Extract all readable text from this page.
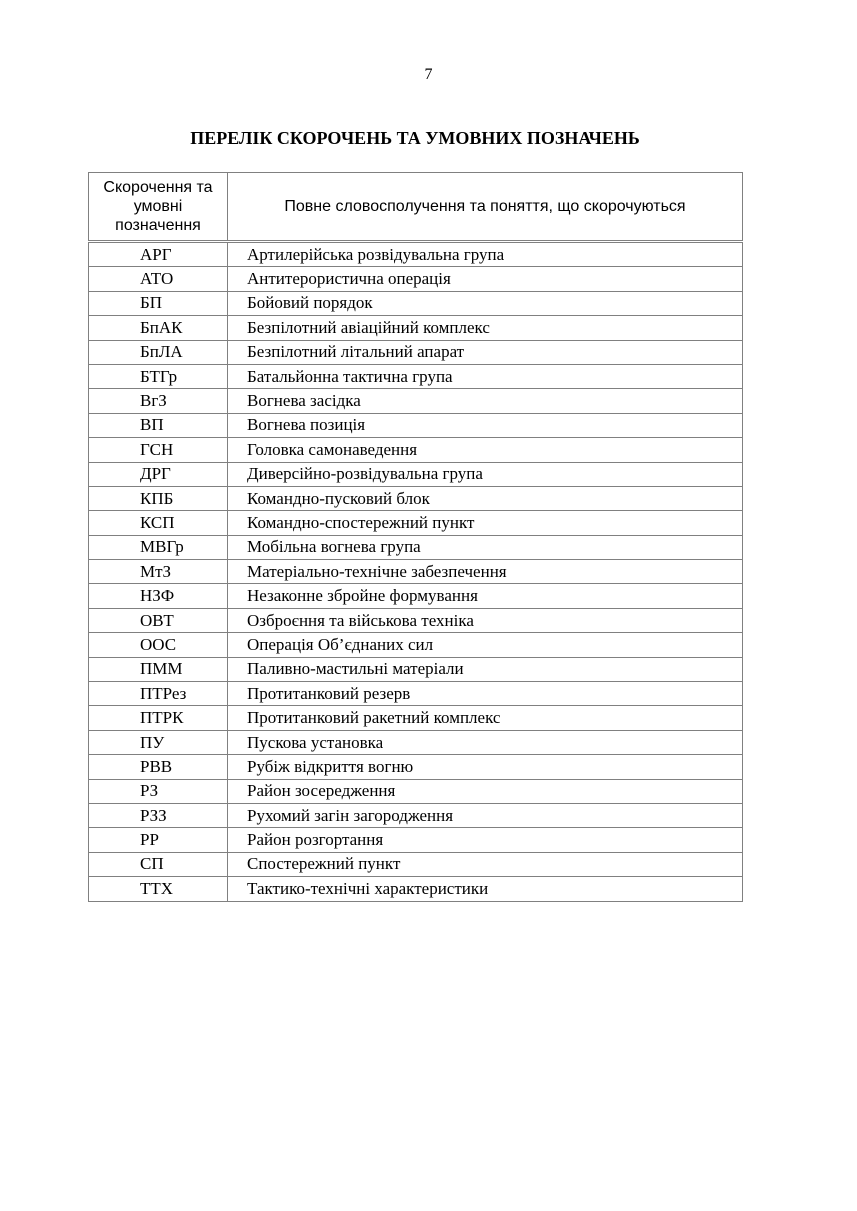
7
ПЕРЕЛІК СКОРОЧЕНЬ ТА УМОВНИХ ПОЗНАЧЕНЬ
Скорочення та умовні позначення	Повне словосполучення та поняття, що скорочуються
АРГ	Артилерійська розвідувальна група
АТО	Антитерористична операція
БП	Бойовий порядок
БпАК	Безпілотний авіаційний комплекс
БпЛА	Безпілотний літальний апарат
БТГр	Батальйонна тактична група
ВгЗ	Вогнева засідка
ВП	Вогнева позиція
ГСН	Головка самонаведення
ДРГ	Диверсійно-розвідувальна група
КПБ	Командно-пусковий блок
КСП	Командно-спостережний пункт
МВГр	Мобільна вогнева група
МтЗ	Матеріально-технічне забезпечення
НЗФ	Незаконне збройне формування
ОВТ	Озброєння та військова техніка
ООС	Операція Об’єднаних сил
ПММ	Паливно-мастильні матеріали
ПТРез	Протитанковий резерв
ПТРК	Протитанковий ракетний комплекс
ПУ	Пускова установка
РВВ	Рубіж відкриття вогню
РЗ	Район зосередження
РЗЗ	Рухомий загін загородження
РР	Район розгортання
СП	Спостережний пункт
ТТХ	Тактико-технічні характеристики
